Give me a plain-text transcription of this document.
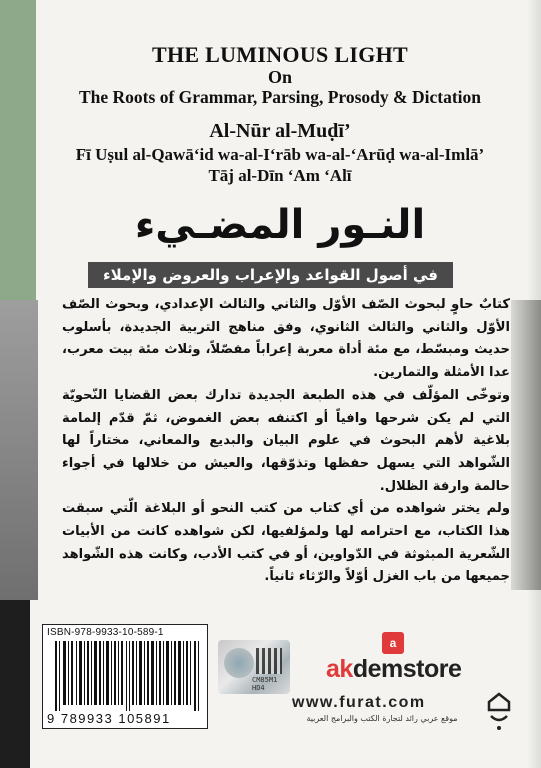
THE LUMINOUS LIGHT
On
The Roots of Grammar, Parsing, Prosody & Dictation
Al-Nūr al-Muḍī’
Fī Uṣul al-Qawā‘id wa-al-I‘rāb wa-al-‘Arūḍ wa-al-Imlā’
Tāj al-Dīn ‘Am ‘Alī
النـور المضـيء
في أصول القواعد والإعراب والعروض والإملاء

كتابٌ حاوٍ لبحوث الصّف الأوّل والثاني والثالث الإعدادي، وبحوث الصّف الأوّل والثاني والثالث الثانوي، وفق مناهج التربية الجديدة، بأسلوب حديث ومبسّط، مع مئة أداة معربة إعراباً مفصّلاً، وثلاث مئة بيت معرب، عدا الأمثلة والتمارين.

وتوخّى المؤلّف في هذه الطبعة الجديدة تدارك بعض القضايا النّحويّة التي لم يكن شرحها وافياً أو اكتنفه بعض الغموض، ثمّ قدّم إلمامة بلاغية لأهم البحوث في علوم البيان والبديع والمعاني، مختاراً لها الشّواهد التي يسهل حفظها وتذوّقها، والعيش من خلالها في أجواء حالمة وارفة الظلال.

ولم يختر شواهده من أي كتاب من كتب النحو أو البلاغة الّتي سبقت هذا الكتاب، مع احترامه لها ولمؤلفيها، لكن شواهده كانت من الأبيات الشّعرية المبثوثة في الدّواوين، أو في كتب الأدب، وكانت هذه الشّواهد جميعها من باب الغزل أوّلاً والرّثاء ثانياً.

ISBN-978-9933-10-589-1
9 789933 105891
CM85M1 HD4
a
akdemstore
www.furat.com
موقع عربي رائد لتجارة الكتب والبرامج العربية
